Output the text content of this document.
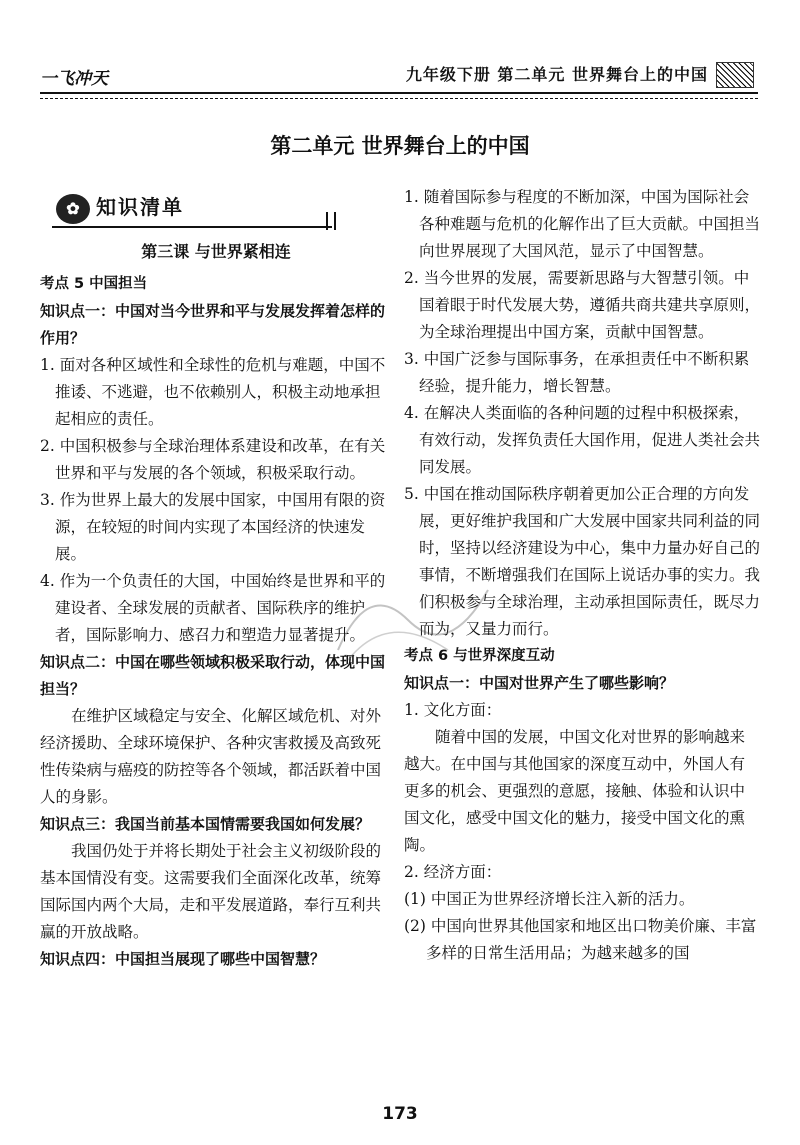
一飞冲天	九年级下册 第二单元 世界舞台上的中国
第二单元 世界舞台上的中国
✿ 知识清单
第三课 与世界紧相连
考点 5 中国担当
知识点一：中国对当今世界和平与发展发挥着怎样的作用？
1. 面对各种区域性和全球性的危机与难题，中国不推诿、不逃避，也不依赖别人，积极主动地承担起相应的责任。
2. 中国积极参与全球治理体系建设和改革，在有关世界和平与发展的各个领域，积极采取行动。
3. 作为世界上最大的发展中国家，中国用有限的资源，在较短的时间内实现了本国经济的快速发展。
4. 作为一个负责任的大国，中国始终是世界和平的建设者、全球发展的贡献者、国际秩序的维护者，国际影响力、感召力和塑造力显著提升。
知识点二：中国在哪些领域积极采取行动，体现中国担当？
在维护区域稳定与安全、化解区域危机、对外经济援助、全球环境保护、各种灾害救援及高致死性传染病与癌疫的防控等各个领域，都活跃着中国人的身影。
知识点三：我国当前基本国情需要我国如何发展？
我国仍处于并将长期处于社会主义初级阶段的基本国情没有变。这需要我们全面深化改革，统筹国际国内两个大局，走和平发展道路，奉行互利共赢的开放战略。
知识点四：中国担当展现了哪些中国智慧？
1. 随着国际参与程度的不断加深，中国为国际社会各种难题与危机的化解作出了巨大贡献。中国担当向世界展现了大国风范，显示了中国智慧。
2. 当今世界的发展，需要新思路与大智慧引领。中国着眼于时代发展大势，遵循共商共建共享原则，为全球治理提出中国方案，贡献中国智慧。
3. 中国广泛参与国际事务，在承担责任中不断积累经验，提升能力，增长智慧。
4. 在解决人类面临的各种问题的过程中积极探索，有效行动，发挥负责任大国作用，促进人类社会共同发展。
5. 中国在推动国际秩序朝着更加公正合理的方向发展，更好维护我国和广大发展中国家共同利益的同时，坚持以经济建设为中心，集中力量办好自己的事情，不断增强我们在国际上说话办事的实力。我们积极参与全球治理，主动承担国际责任，既尽力而为，又量力而行。
考点 6 与世界深度互动
知识点一：中国对世界产生了哪些影响？
1. 文化方面：
随着中国的发展，中国文化对世界的影响越来越大。在中国与其他国家的深度互动中，外国人有更多的机会、更强烈的意愿，接触、体验和认识中国文化，感受中国文化的魅力，接受中国文化的熏陶。
2. 经济方面：
(1) 中国正为世界经济增长注入新的活力。
(2) 中国向世界其他国家和地区出口物美价廉、丰富多样的日常生活用品；为越来越多的国
173
